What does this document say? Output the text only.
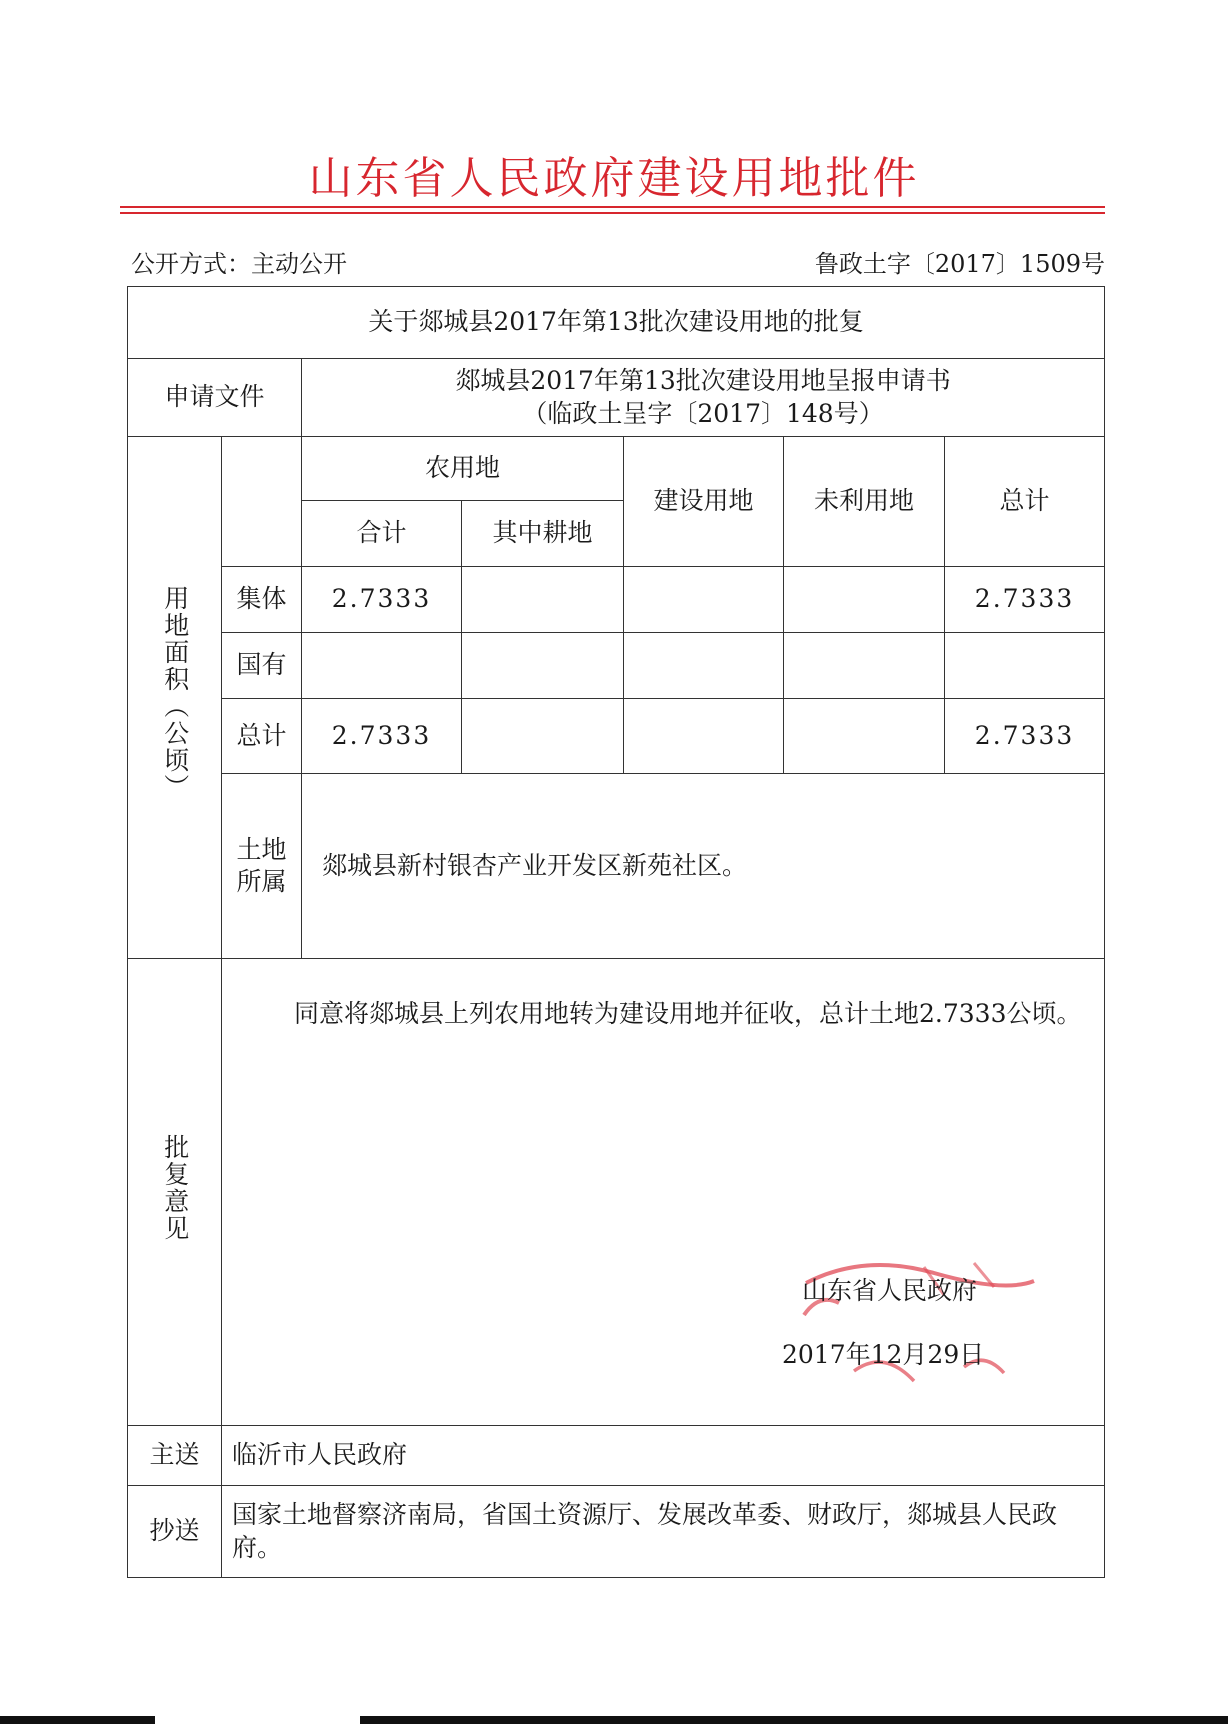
山东省人民政府建设用地批件
公开方式：主动公开	鲁政土字〔2017〕1509号
关于郯城县2017年第13批次建设用地的批复						
申请文件		郯城县2017年第13批次建设用地呈报申请书
（临政土呈字〔2017〕148号）				

用地面积（公顷）		农用地		建设用地	未利用地	总计
		合计	其中耕地			
	集体	2.7333				2.7333
	国有					
	总计	2.7333				2.7333

	土地
所属	郯城县新村银杏产业开发区新苑社区。				
批复意见	同意将郯城县上列农用地转为建设用地并征收，总计土地2.7333公顷。
山东省人民政府
2017年12月29日					

主送	临沂市人民政府					
抄送	国家土地督察济南局，省国土资源厅、发展改革委、财政厅，郯城县人民政府。					
